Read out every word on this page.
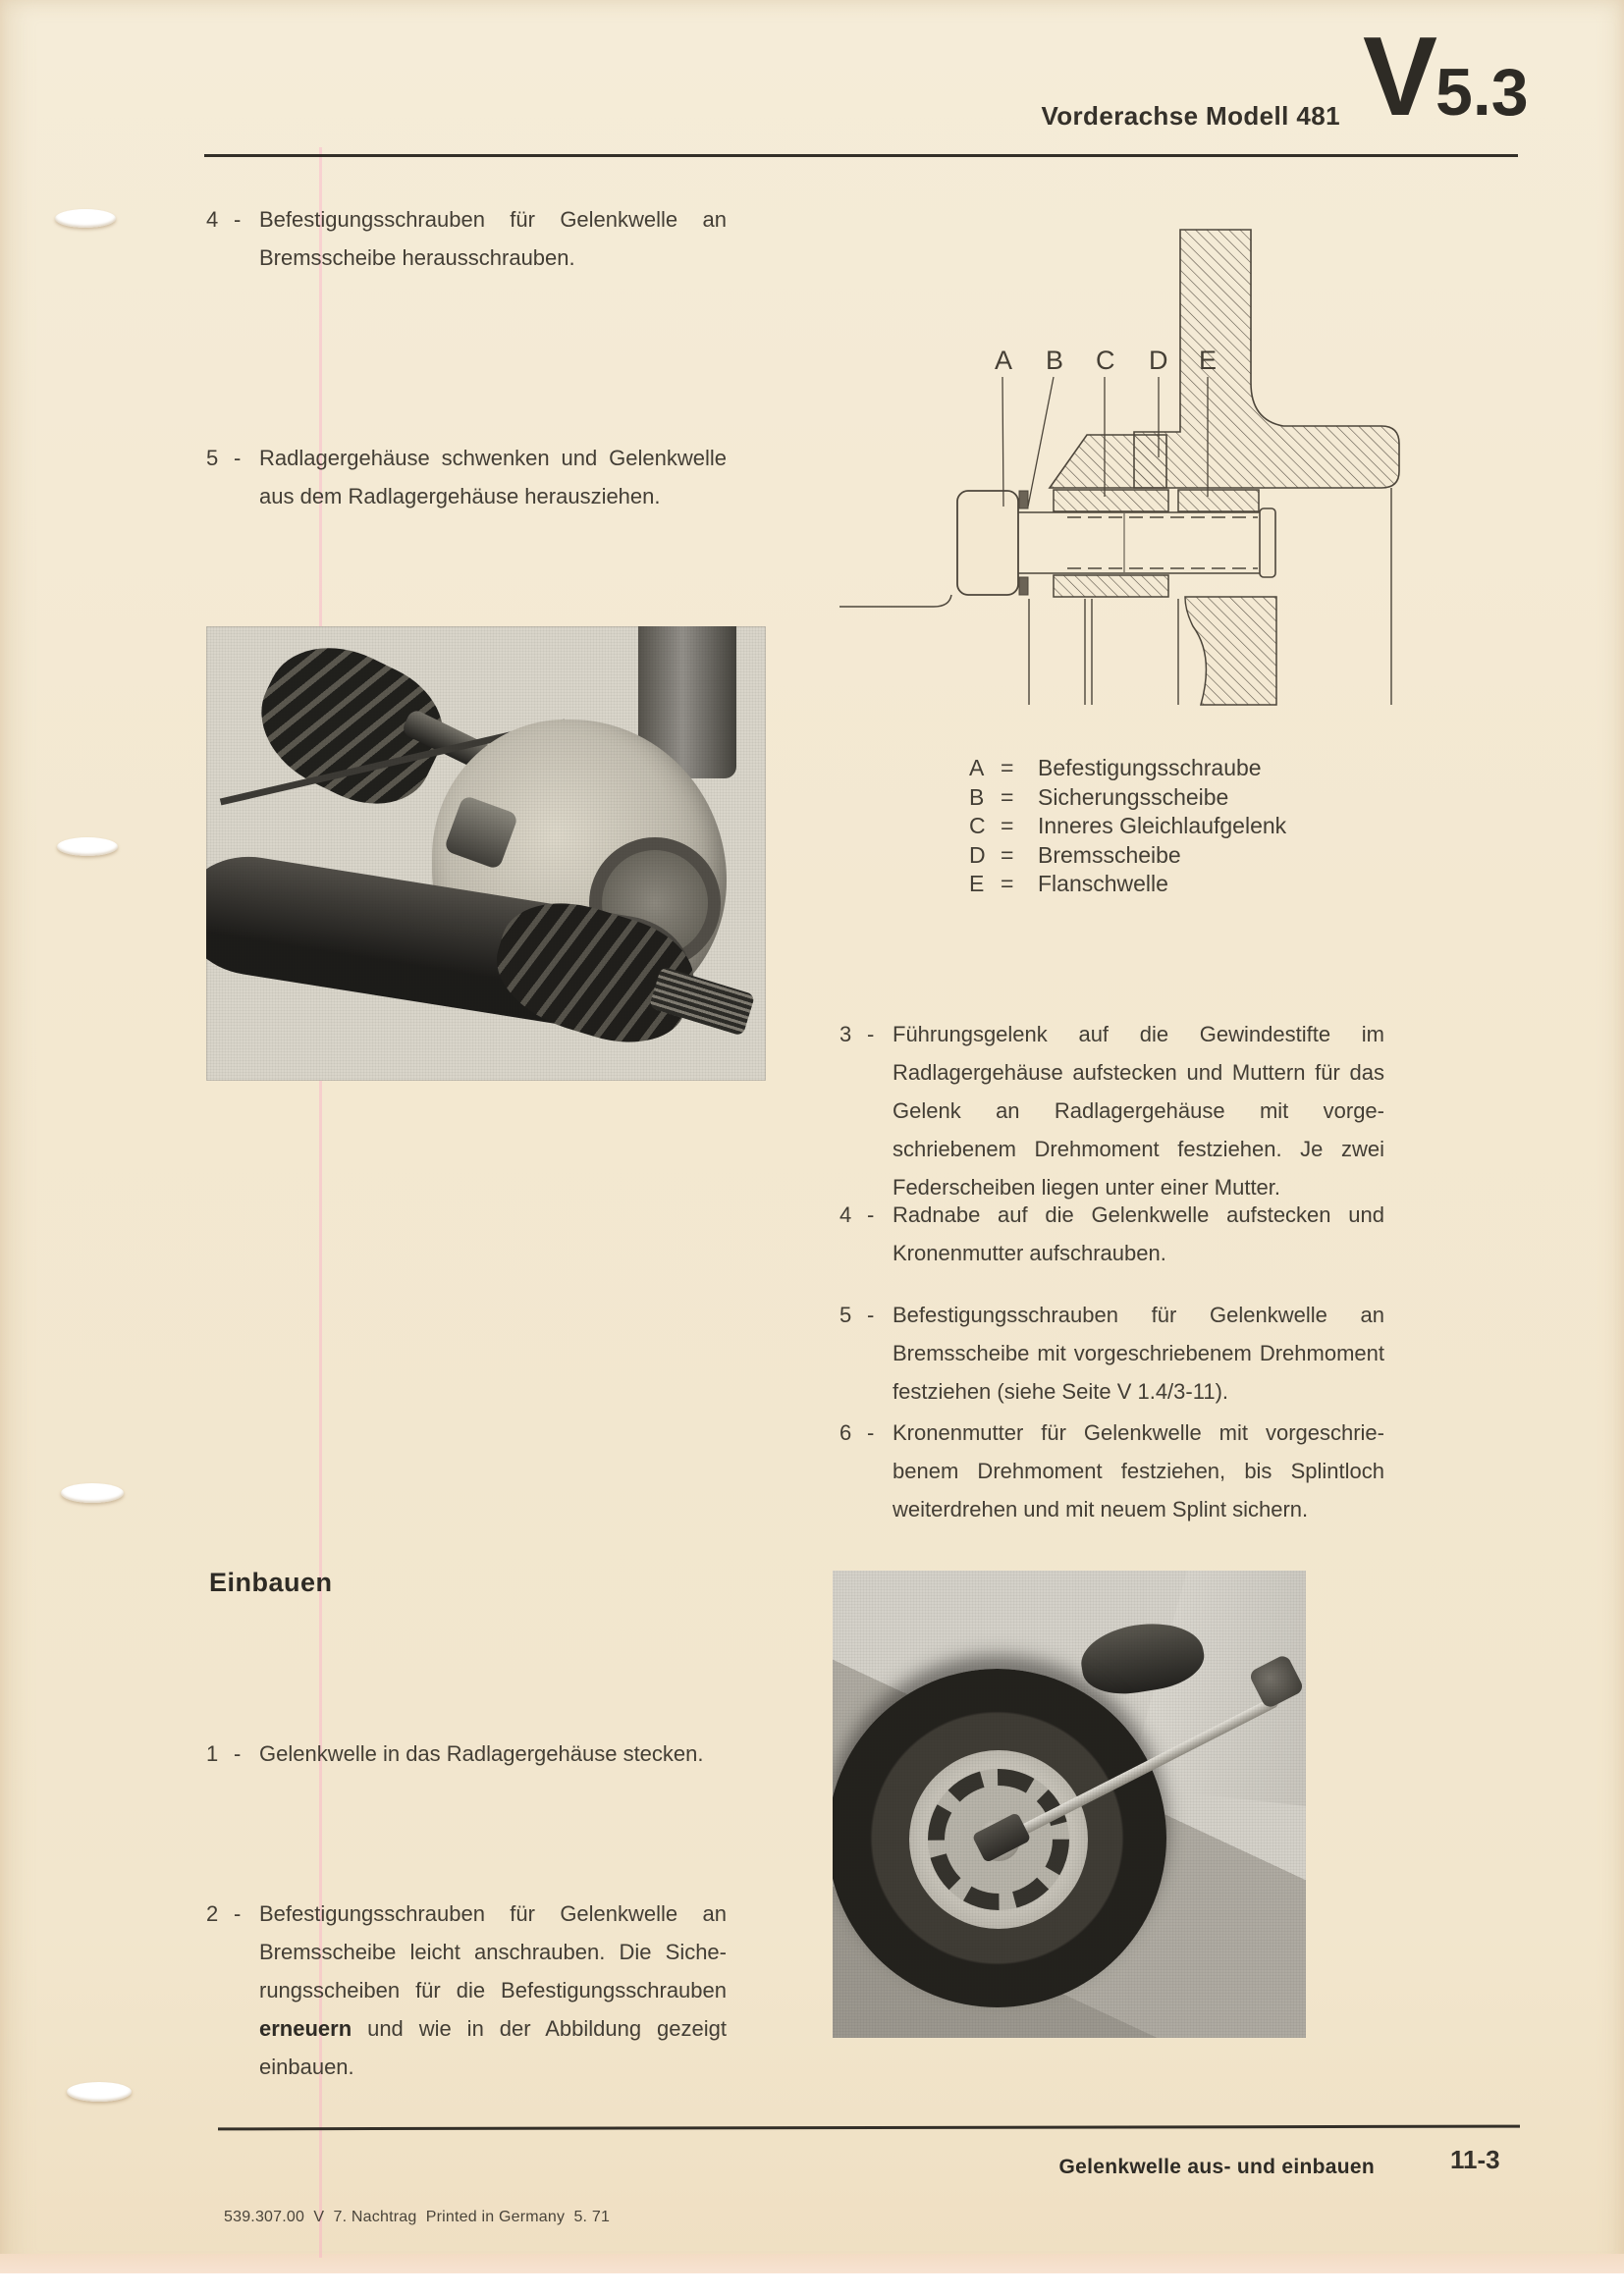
Vorderachse Modell 481 V5.3
4 - Befestigungsschrauben für Gelenkwelle an Bremsscheibe herausschrauben.
5 - Radlagergehäuse schwenken und Gelenkwelle aus dem Radlagergehäuse herausziehen.
A B C D E
A =	Befestigungsschraube
B =	Sicherungsscheibe
C =	Inneres Gleichlaufgelenk
D =	Bremsscheibe
E =	Flanschwelle
3 - Führungsgelenk auf die Gewindestifte im Radlagergehäuse aufstecken und Muttern für das Gelenk an Radlagergehäuse mit vorgeschriebenem Drehmoment festziehen. Je zwei Federscheiben liegen unter einer Mutter.
4 - Radnabe auf die Gelenkwelle aufstecken und Kronenmutter aufschrauben.
5 - Befestigungsschrauben für Gelenkwelle an Bremsscheibe mit vorgeschriebenem Drehmoment festziehen (siehe Seite V 1.4/3-11).
6 - Kronenmutter für Gelenkwelle mit vorgeschriebenem Drehmoment festziehen, bis Splintloch weiterdrehen und mit neuem Splint sichern.
Einbauen
1 - Gelenkwelle in das Radlagergehäuse stecken.
2 - Befestigungsschrauben für Gelenkwelle an Bremsscheibe leicht anschrauben. Die Sicherungsscheiben für die Befestigungsschrauben erneuern und wie in der Abbildung gezeigt einbauen.
Gelenkwelle aus- und einbauen	11-3
539.307.00  V  7. Nachtrag  Printed in Germany  5. 71
